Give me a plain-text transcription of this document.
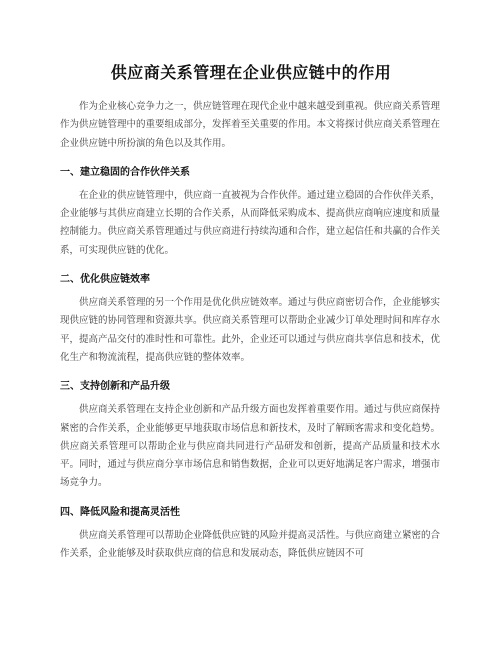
供应商关系管理在企业供应链中的作用

作为企业核心竞争力之一，供应链管理在现代企业中越来越受到重视。供应商关系管理作为供应链管理中的重要组成部分，发挥着至关重要的作用。本文将探讨供应商关系管理在企业供应链中所扮演的角色以及其作用。

一、建立稳固的合作伙伴关系

在企业的供应链管理中，供应商一直被视为合作伙伴。通过建立稳固的合作伙伴关系，企业能够与其供应商建立长期的合作关系，从而降低采购成本、提高供应商响应速度和质量控制能力。供应商关系管理通过与供应商进行持续沟通和合作，建立起信任和共赢的合作关系，可实现供应链的优化。

二、优化供应链效率

供应商关系管理的另一个作用是优化供应链效率。通过与供应商密切合作，企业能够实现供应链的协同管理和资源共享。供应商关系管理可以帮助企业减少订单处理时间和库存水平，提高产品交付的准时性和可靠性。此外，企业还可以通过与供应商共享信息和技术，优化生产和物流流程，提高供应链的整体效率。

三、支持创新和产品升级

供应商关系管理在支持企业创新和产品升级方面也发挥着重要作用。通过与供应商保持紧密的合作关系，企业能够更早地获取市场信息和新技术，及时了解顾客需求和变化趋势。供应商关系管理可以帮助企业与供应商共同进行产品研发和创新，提高产品质量和技术水平。同时，通过与供应商分享市场信息和销售数据，企业可以更好地满足客户需求，增强市场竞争力。

四、降低风险和提高灵活性

供应商关系管理可以帮助企业降低供应链的风险并提高灵活性。与供应商建立紧密的合作关系，企业能够及时获取供应商的信息和发展动态，降低供应链因不可
